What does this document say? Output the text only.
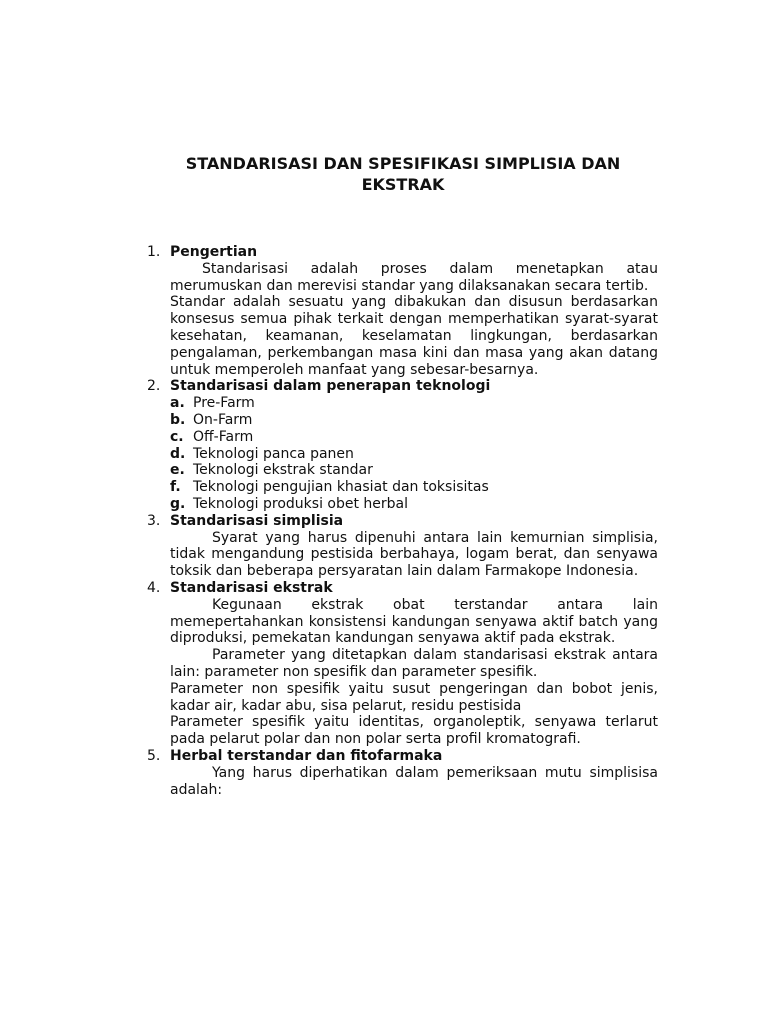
STANDARISASI DAN SPESIFIKASI SIMPLISIA DAN
EKSTRAK
1. Pengertian

Standarisasi adalah proses dalam menetapkan atau merumuskan dan merevisi standar yang dilaksanakan secara tertib.

Standar adalah sesuatu yang dibakukan dan disusun berdasarkan konsesus semua pihak terkait dengan memperhatikan syarat-syarat kesehatan, keamanan, keselamatan lingkungan, berdasarkan pengalaman, perkembangan masa kini dan masa yang akan datang untuk memperoleh manfaat yang sebesar-besarnya.

2. Standarisasi dalam penerapan teknologi
a. Pre-Farm
b. On-Farm
c. Off-Farm
d. Teknologi panca panen
e. Teknologi ekstrak standar
f. Teknologi pengujian khasiat dan toksisitas
g. Teknologi produksi obet herbal
3. Standarisasi simplisia

Syarat yang harus dipenuhi antara lain kemurnian simplisia, tidak mengandung pestisida berbahaya, logam berat, dan senyawa toksik dan beberapa persyaratan lain dalam Farmakope Indonesia.

4. Standarisasi ekstrak

Kegunaan ekstrak obat terstandar antara lain memepertahankan konsistensi kandungan senyawa aktif batch yang diproduksi, pemekatan kandungan senyawa aktif pada ekstrak.

Parameter yang ditetapkan dalam standarisasi ekstrak antara lain: parameter non spesifik dan parameter spesifik.

Parameter non spesifik yaitu susut pengeringan dan bobot jenis, kadar air, kadar abu, sisa pelarut, residu pestisida

Parameter spesifik yaitu identitas, organoleptik, senyawa terlarut pada pelarut polar dan non polar serta profil kromatografi.

5. Herbal terstandar dan fitofarmaka

Yang harus diperhatikan dalam pemeriksaan mutu simplisisa adalah:
